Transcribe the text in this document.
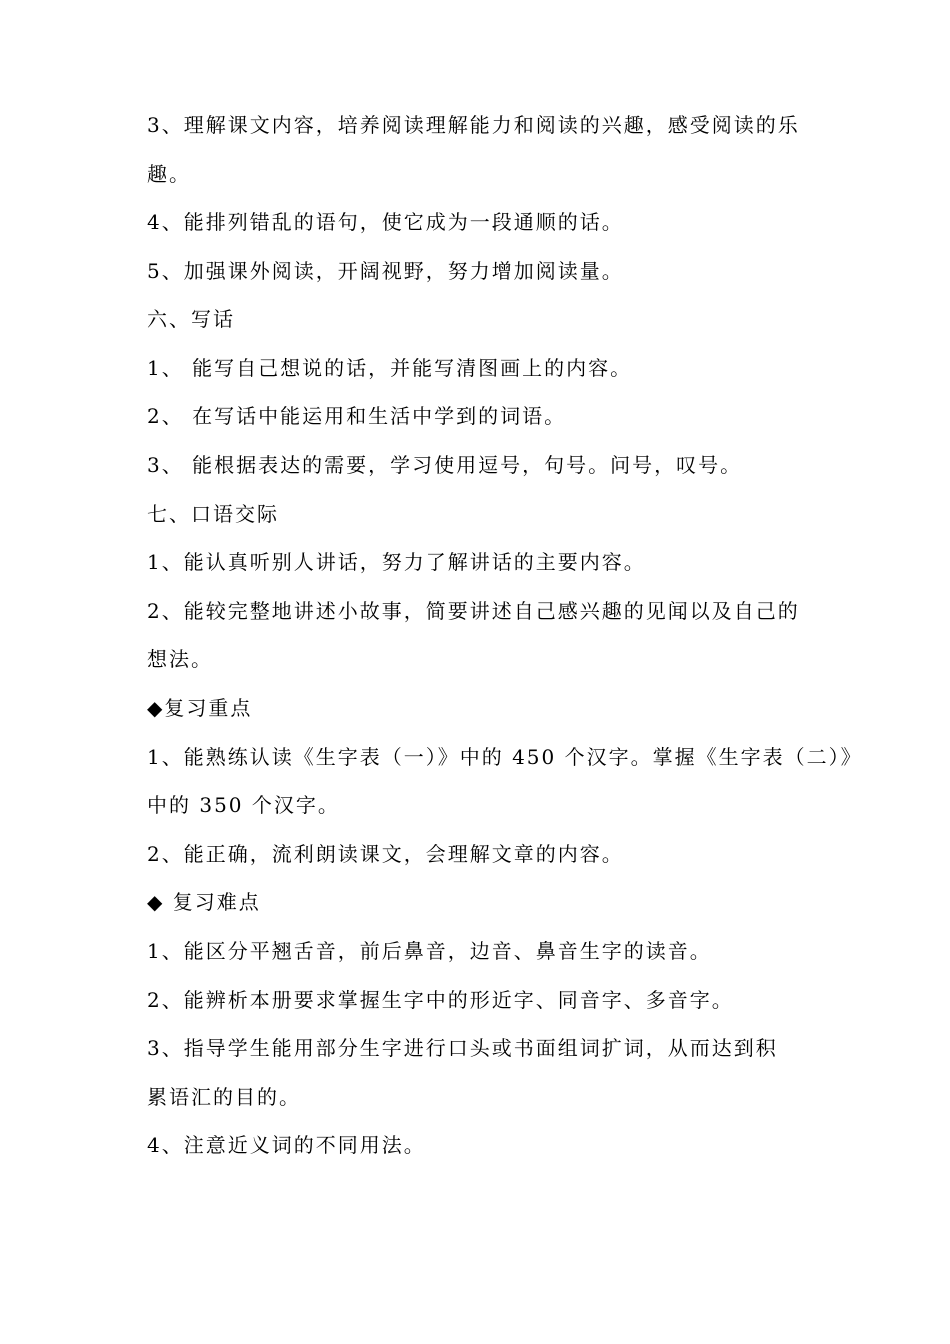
3、理解课文内容，培养阅读理解能力和阅读的兴趣，感受阅读的乐
趣。
4、能排列错乱的语句，使它成为一段通顺的话。
5、加强课外阅读，开阔视野，努力增加阅读量。
六、写话
1、 能写自己想说的话，并能写清图画上的内容。
2、 在写话中能运用和生活中学到的词语。
3、 能根据表达的需要，学习使用逗号，句号。问号，叹号。
七、口语交际
1、能认真听别人讲话，努力了解讲话的主要内容。
2、能较完整地讲述小故事，简要讲述自己感兴趣的见闻以及自己的
想法。
◆复习重点
1、能熟练认读《生字表（一）》中的 450 个汉字。掌握《生字表（二）》
中的 350 个汉字。
2、能正确，流利朗读课文，会理解文章的内容。
◆ 复习难点
1、能区分平翘舌音，前后鼻音，边音、鼻音生字的读音。
2、能辨析本册要求掌握生字中的形近字、同音字、多音字。
3、指导学生能用部分生字进行口头或书面组词扩词，从而达到积
累语汇的目的。
4、注意近义词的不同用法。
